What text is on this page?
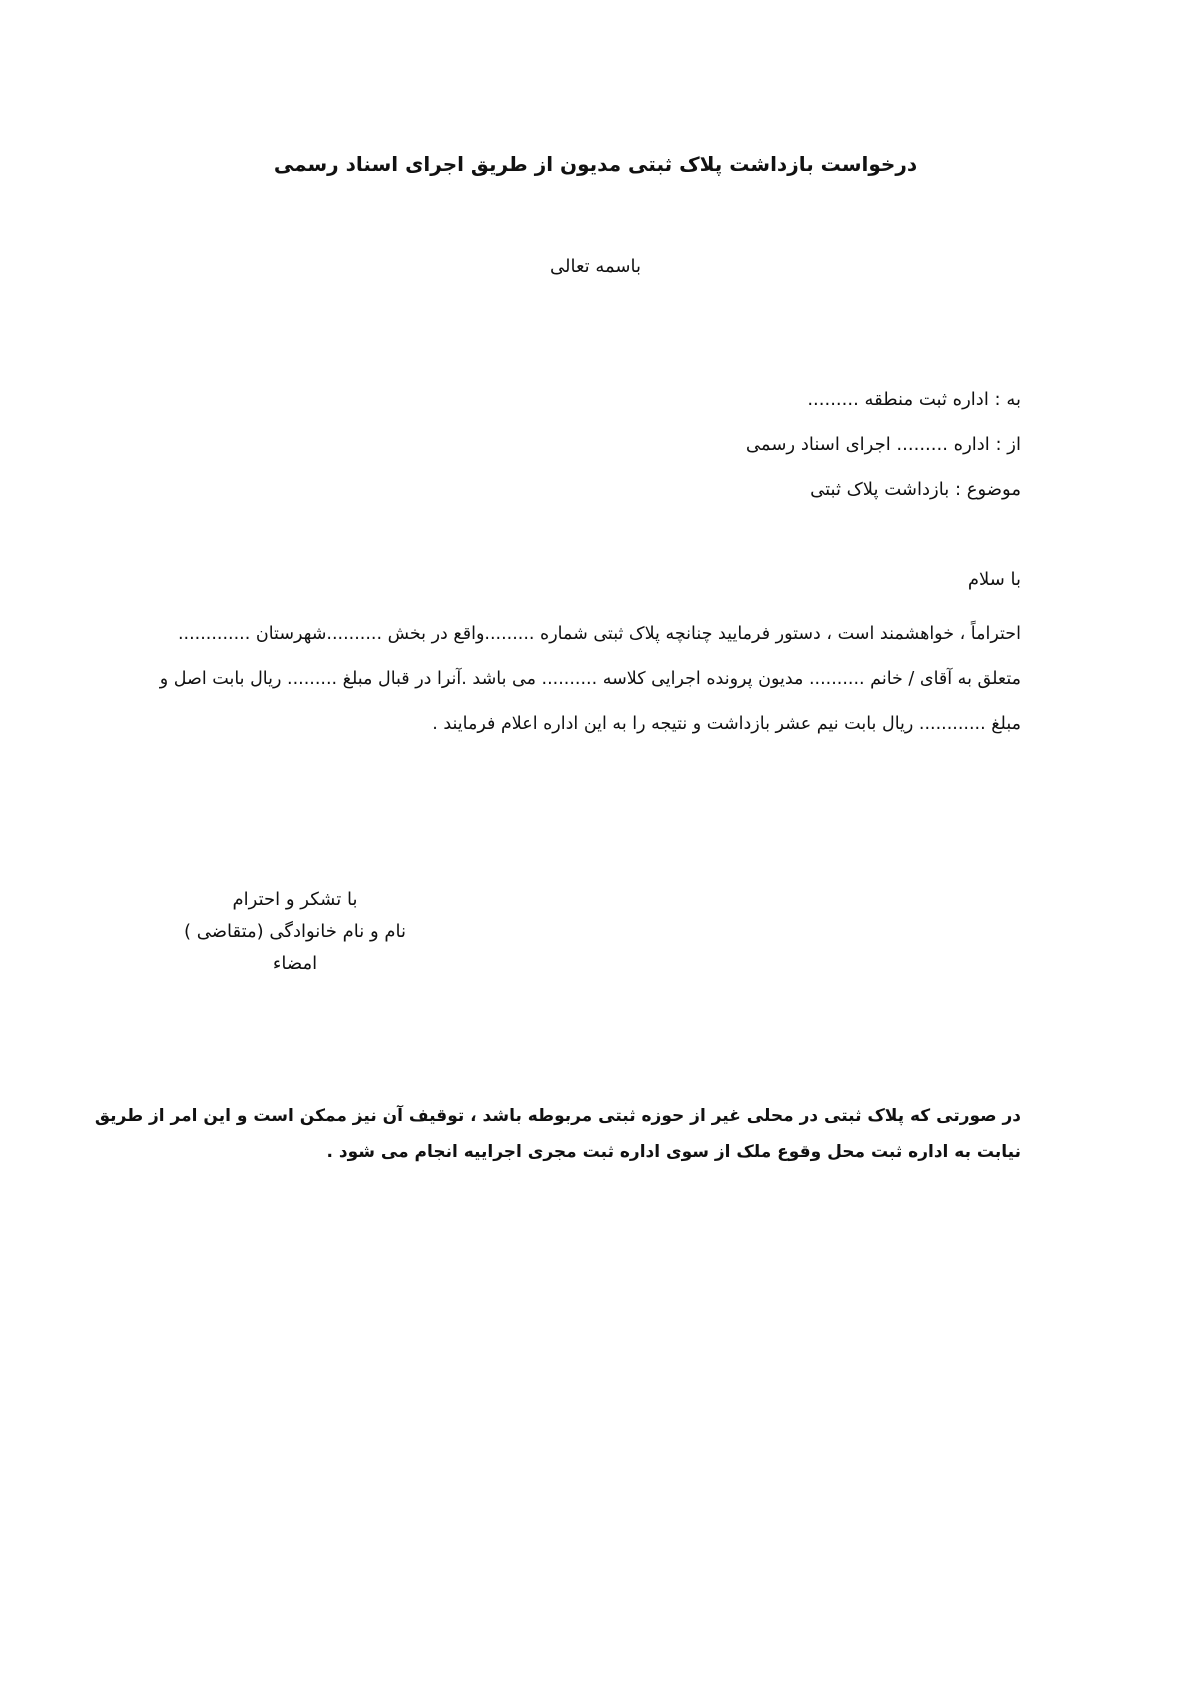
درخواست بازداشت پلاک ثبتی مدیون از طریق اجرای اسناد رسمی
باسمه تعالی
به : اداره ثبت منطقه .........
از : اداره ......... اجرای اسناد رسمی
موضوع : بازداشت پلاک ثبتی
با سلام
احتراماً ، خواهشمند است ، دستور فرمایید چنانچه پلاک ثبتی شماره .........واقع در بخش ..........شهرستان .............
متعلق به آقای / خانم .......... مدیون پرونده اجرایی کلاسه .......... می باشد .آنرا در قبال مبلغ ......... ریال بابت اصل و
مبلغ ............ ریال بابت نیم عشر بازداشت و نتیجه را به این اداره اعلام فرمایند .
با تشکر و احترام
نام و نام خانوادگی (متقاضی )
امضاء
در صورتی که پلاک ثبتی در محلی غیر از حوزه ثبتی مربوطه باشد ، توقیف آن نیز ممکن است و این امر از طریق
نیابت به اداره ثبت محل وقوع ملک از سوی اداره ثبت مجری اجراییه انجام می شود .
